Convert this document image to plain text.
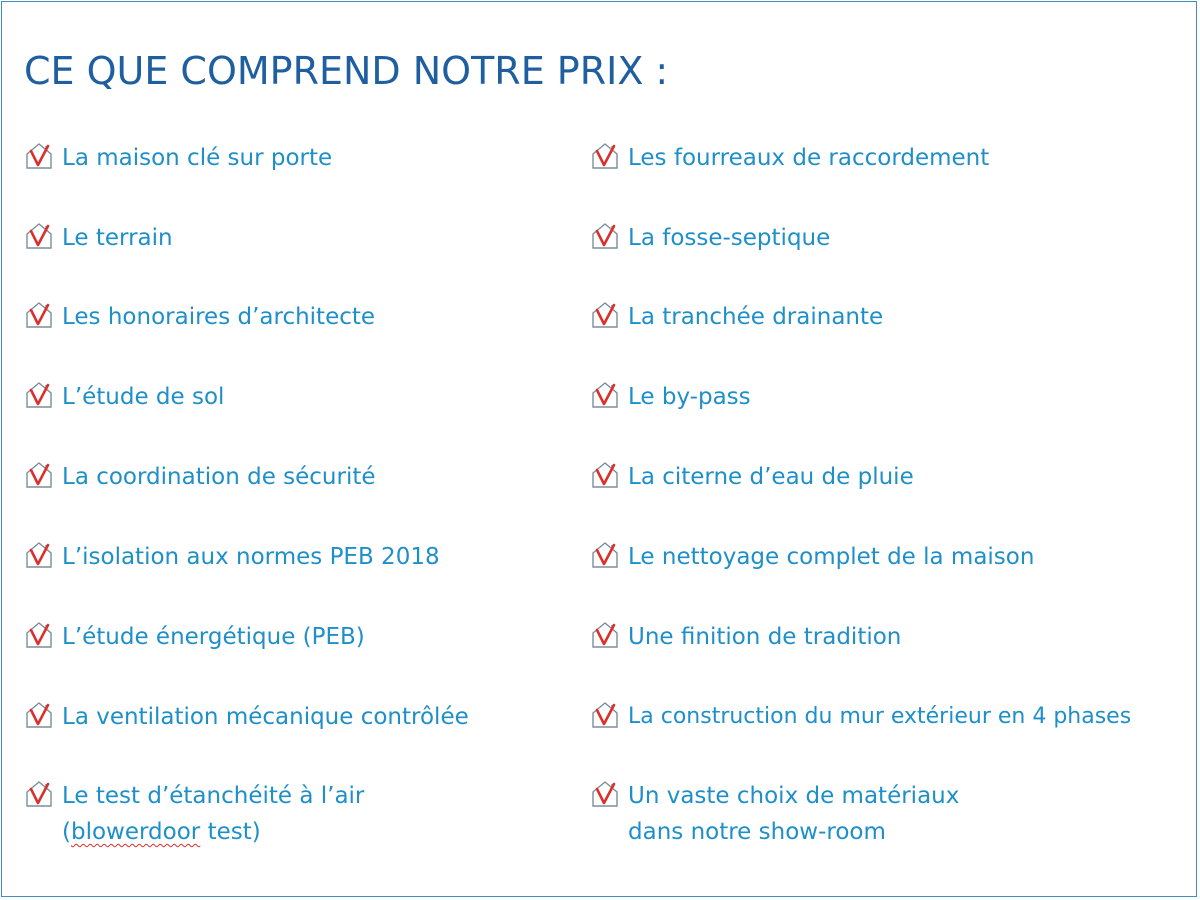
CE QUE COMPREND NOTRE PRIX :
La maison clé sur porte
Le terrain
Les honoraires d’architecte
L’étude de sol
La coordination de sécurité
L’isolation aux normes PEB 2018
L’étude énergétique (PEB)
La ventilation mécanique contrôlée
Le test d’étanchéité à l’air
(blowerdoor test)
Les fourreaux de raccordement
La fosse-septique
La tranchée drainante
Le by-pass
La citerne d’eau de pluie
Le nettoyage complet de la maison
Une finition de tradition
La construction du mur extérieur en 4 phases
Un vaste choix de matériaux
dans notre show-room
